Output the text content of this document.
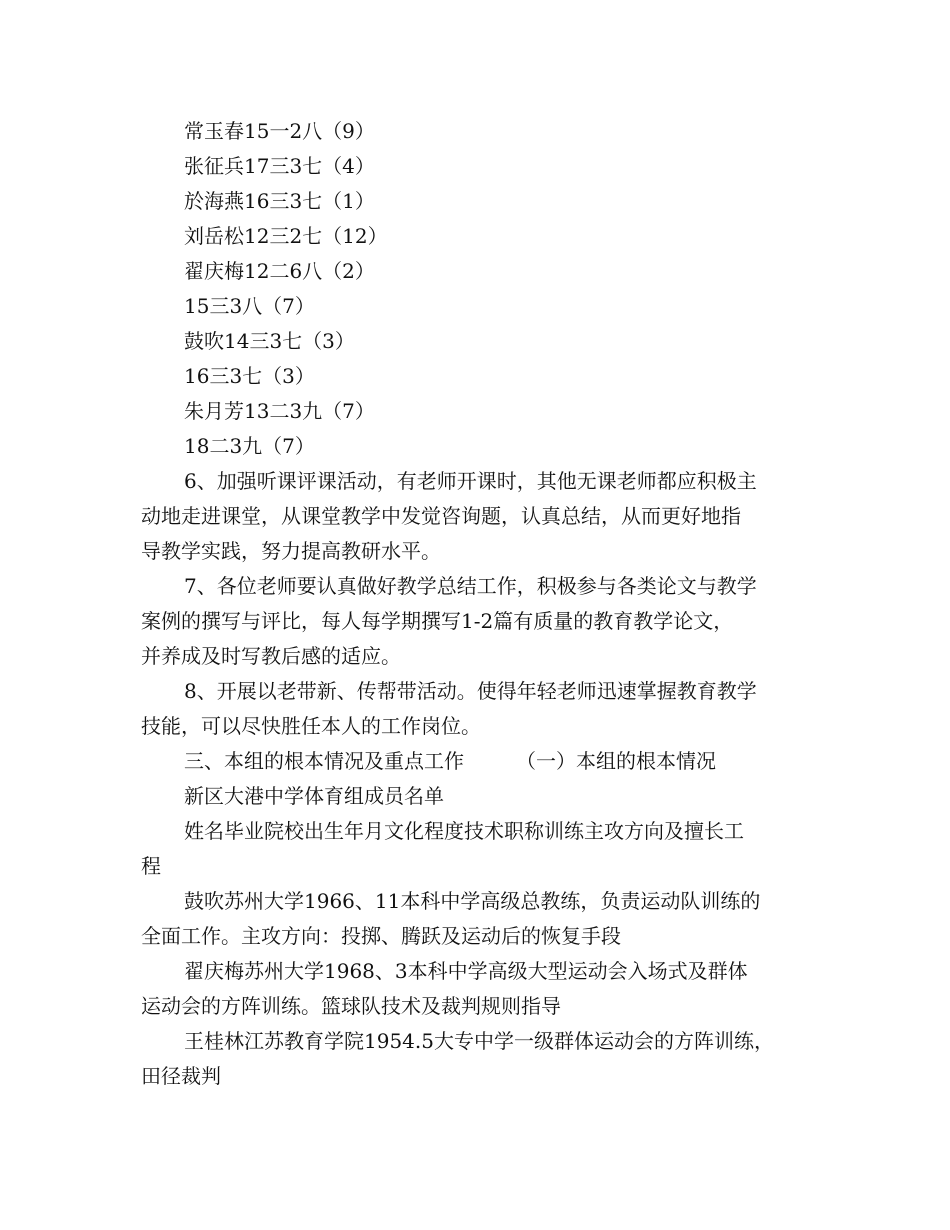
常玉春15一2八（9）
张征兵17三3七（4）
於海燕16三3七（1）
刘岳松12三2七（12）
翟庆梅12二6八（2）
15三3八（7）
鼓吹14三3七（3）
16三3七（3）
朱月芳13二3九（7）
18二3九（7）
6、加强听课评课活动，有老师开课时，其他无课老师都应积极主
动地走进课堂，从课堂教学中发觉咨询题，认真总结，从而更好地指
导教学实践，努力提高教研水平。
7、各位老师要认真做好教学总结工作，积极参与各类论文与教学
案例的撰写与评比，每人每学期撰写1-2篇有质量的教育教学论文，
并养成及时写教后感的适应。
8、开展以老带新、传帮带活动。使得年轻老师迅速掌握教育教学
技能，可以尽快胜任本人的工作岗位。
三、本组的根本情况及重点工作	（一）本组的根本情况
新区大港中学体育组成员名单
姓名毕业院校出生年月文化程度技术职称训练主攻方向及擅长工
程
鼓吹苏州大学1966、11本科中学高级总教练，负责运动队训练的
全面工作。主攻方向：投掷、腾跃及运动后的恢复手段
翟庆梅苏州大学1968、3本科中学高级大型运动会入场式及群体
运动会的方阵训练。篮球队技术及裁判规则指导
王桂林江苏教育学院1954.5大专中学一级群体运动会的方阵训练，
田径裁判
